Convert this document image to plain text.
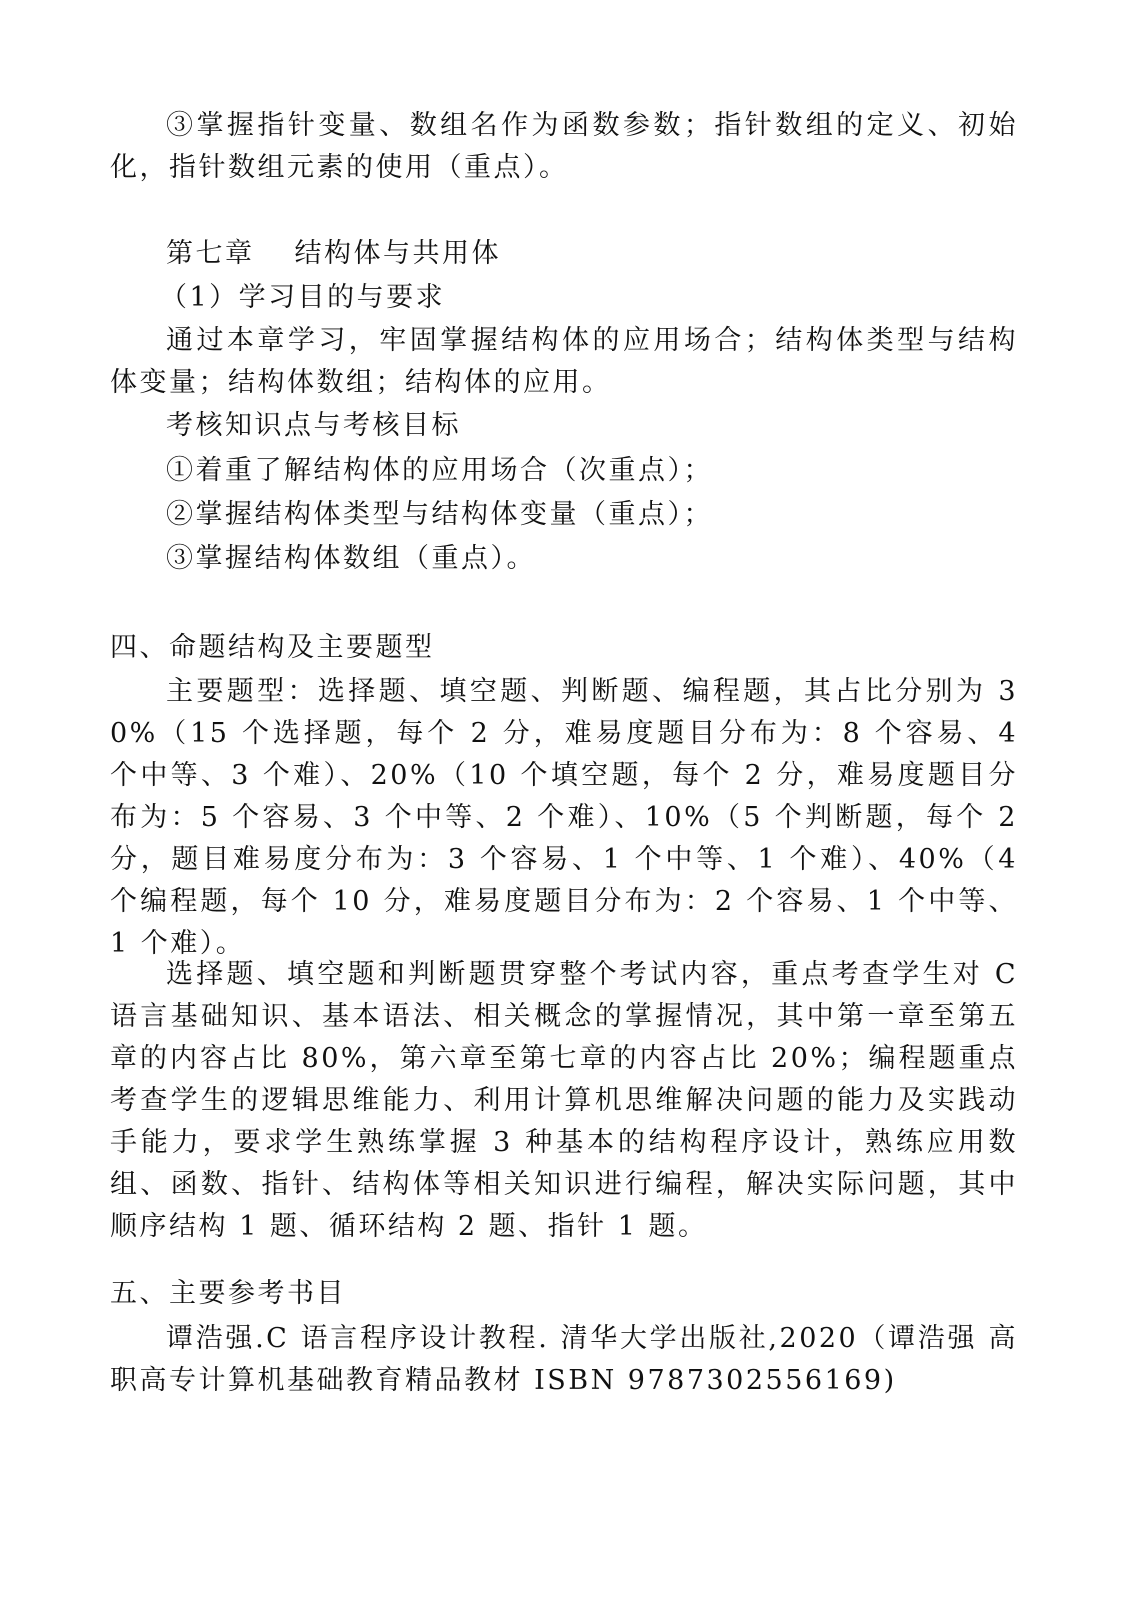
③掌握指针变量、数组名作为函数参数；指针数组的定义、初始化，指针数组元素的使用（重点）。
第七章 结构体与共用体
（1）学习目的与要求
通过本章学习，牢固掌握结构体的应用场合；结构体类型与结构体变量；结构体数组；结构体的应用。
考核知识点与考核目标
①着重了解结构体的应用场合（次重点）；
②掌握结构体类型与结构体变量（重点）；
③掌握结构体数组（重点）。
四、命题结构及主要题型
主要题型：选择题、填空题、判断题、编程题，其占比分别为 30%（15 个选择题，每个 2 分，难易度题目分布为：8 个容易、4 个中等、3 个难）、20%（10 个填空题，每个 2 分，难易度题目分布为：5 个容易、3 个中等、2 个难）、10%（5 个判断题，每个 2 分，题目难易度分布为：3 个容易、1 个中等、1 个难）、40%（4 个编程题，每个 10 分，难易度题目分布为：2 个容易、1 个中等、1 个难）。
选择题、填空题和判断题贯穿整个考试内容，重点考查学生对 C 语言基础知识、基本语法、相关概念的掌握情况，其中第一章至第五章的内容占比 80%，第六章至第七章的内容占比 20%；编程题重点考查学生的逻辑思维能力、利用计算机思维解决问题的能力及实践动手能力，要求学生熟练掌握 3 种基本的结构程序设计，熟练应用数组、函数、指针、结构体等相关知识进行编程，解决实际问题，其中顺序结构 1 题、循环结构 2 题、指针 1 题。
五、主要参考书目
谭浩强.C 语言程序设计教程. 清华大学出版社,2020（谭浩强 高职高专计算机基础教育精品教材 ISBN 9787302556169)
